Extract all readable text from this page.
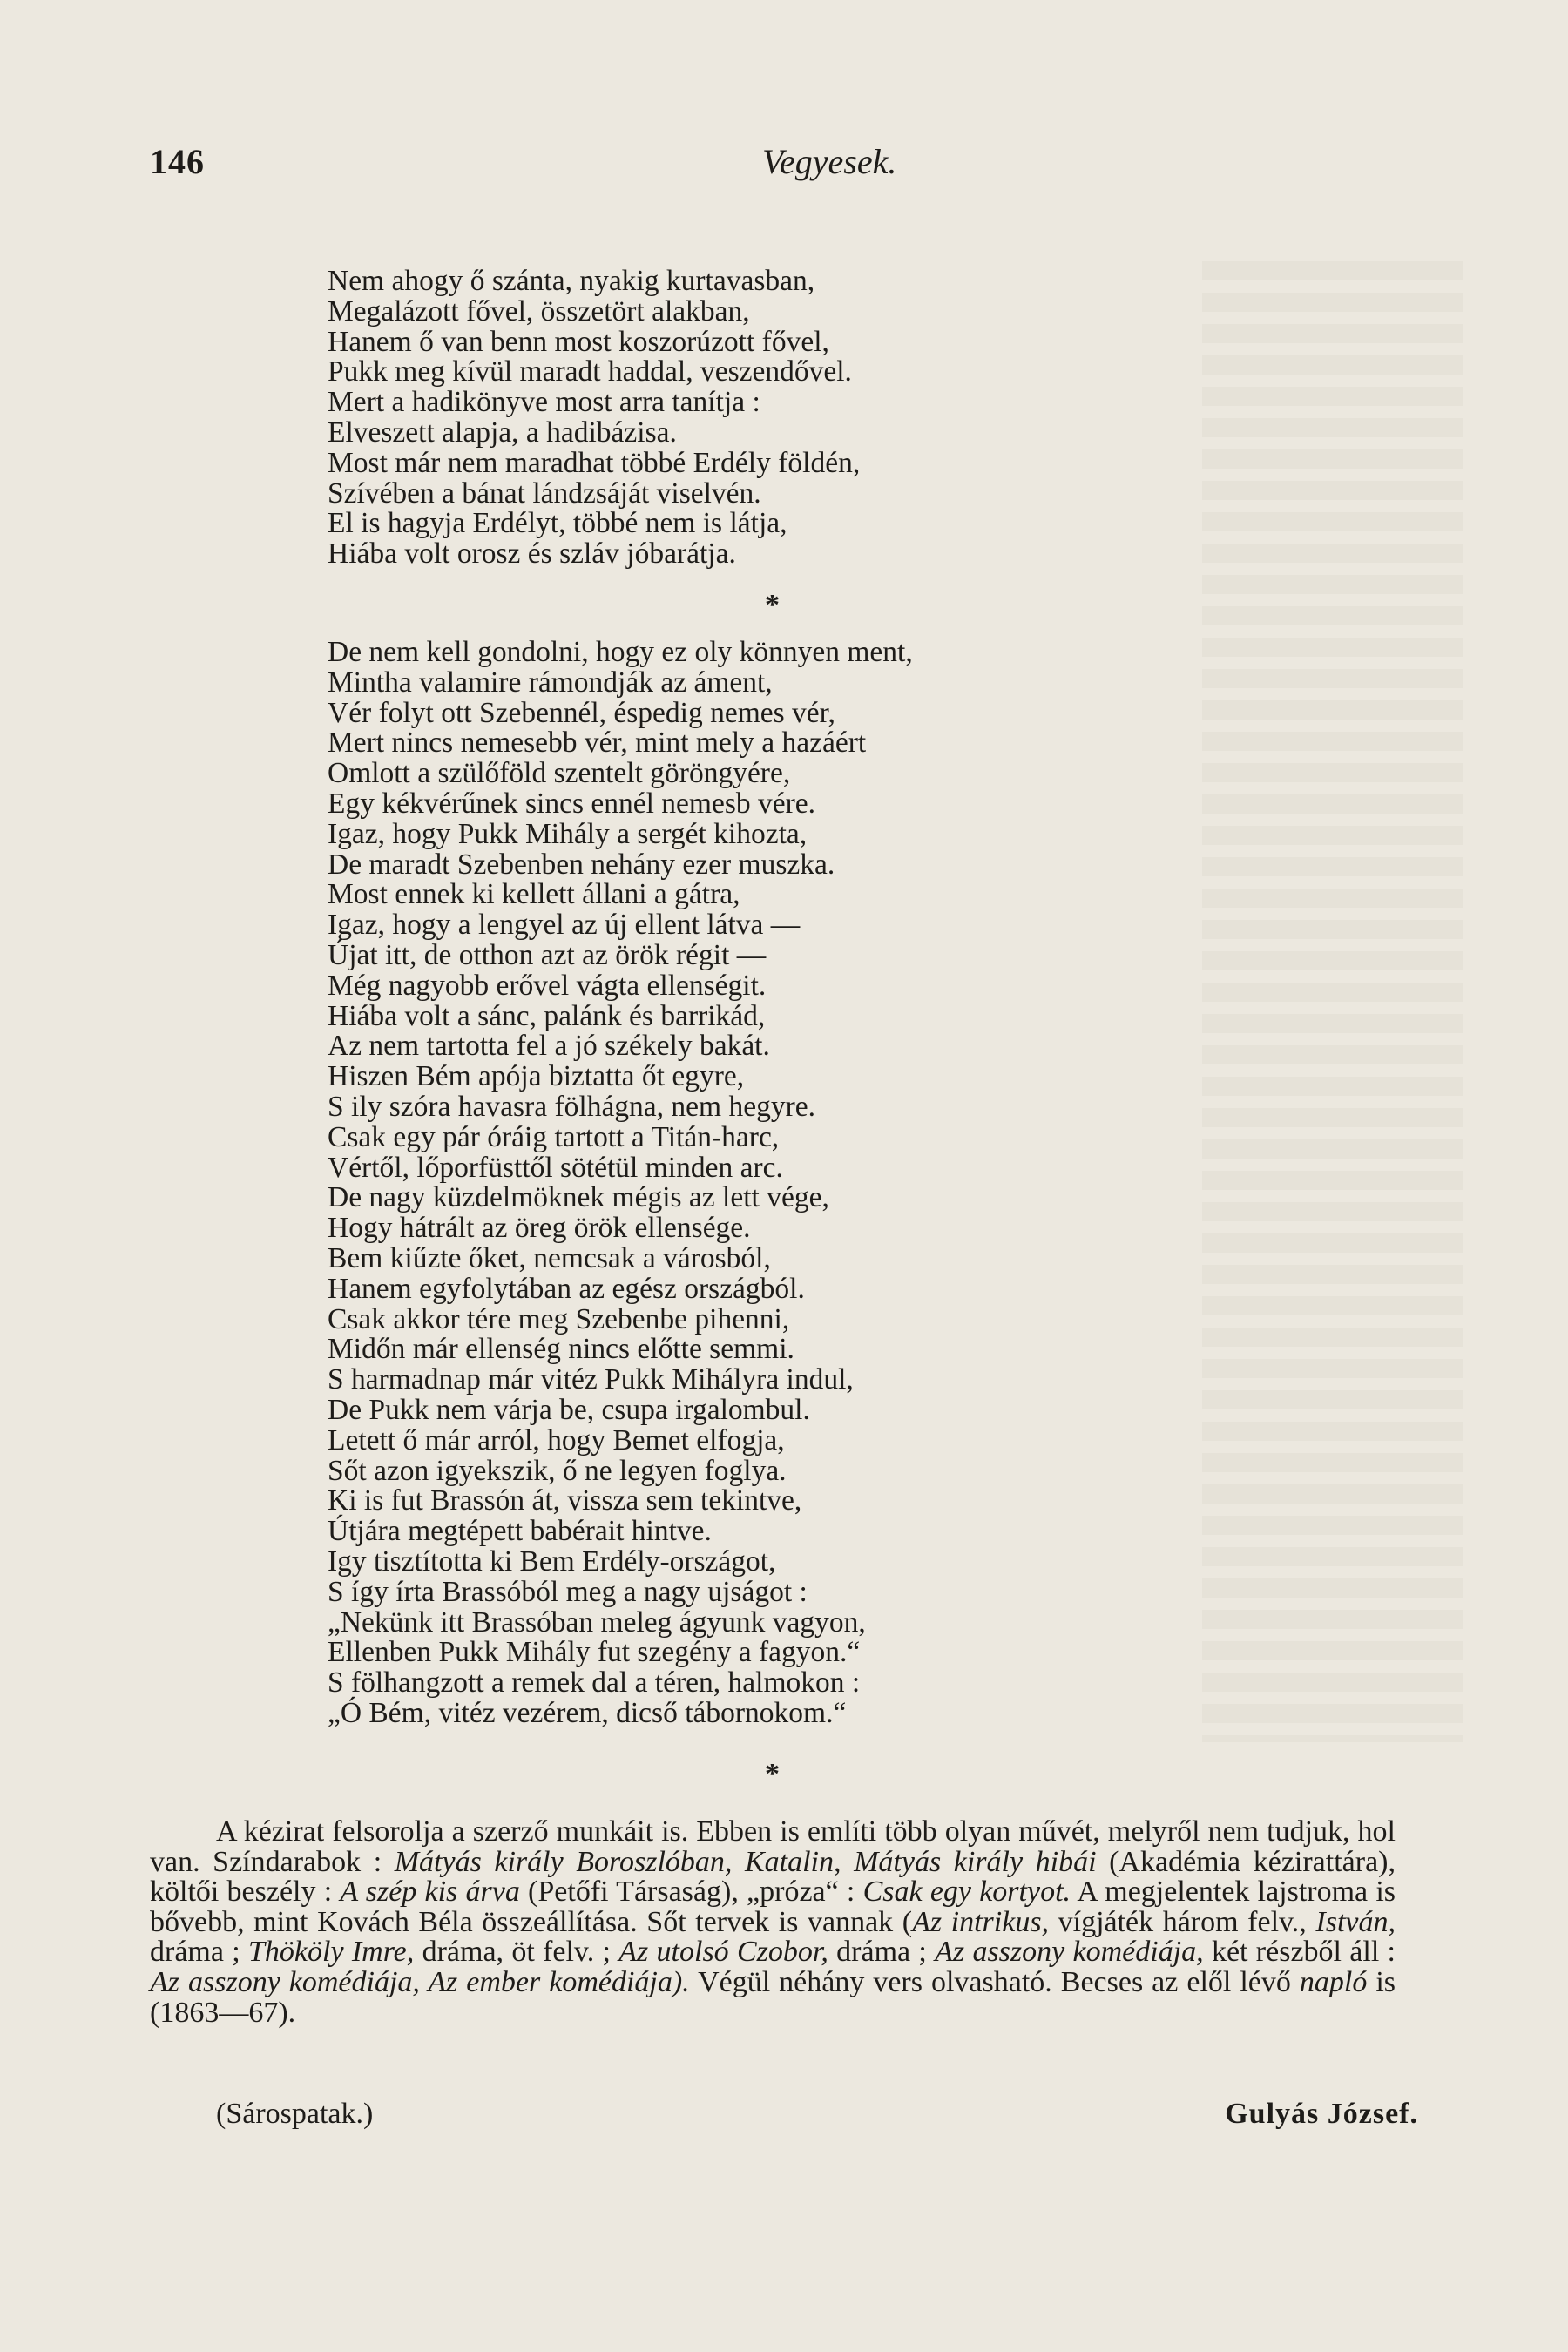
146	Vegyesek.
Nem ahogy ő szánta, nyakig kurtavasban,
Megalázott fővel, összetört alakban,
Hanem ő van benn most koszorúzott fővel,
Pukk meg kívül maradt haddal, veszendővel.
Mert a hadikönyve most arra tanítja :
Elveszett alapja, a hadibázisa.
Most már nem maradhat többé Erdély földén,
Szívében a bánat lándzsáját viselvén.
El is hagyja Erdélyt, többé nem is látja,
Hiába volt orosz és szláv jóbarátja.
*
De nem kell gondolni, hogy ez oly könnyen ment,
Mintha valamire rámondják az áment,
Vér folyt ott Szebennél, éspedig nemes vér,
Mert nincs nemesebb vér, mint mely a hazáért
Omlott a szülőföld szentelt göröngyére,
Egy kékvérűnek sincs ennél nemesb vére.
Igaz, hogy Pukk Mihály a sergét kihozta,
De maradt Szebenben nehány ezer muszka.
Most ennek ki kellett állani a gátra,
Igaz, hogy a lengyel az új ellent látva —
Újat itt, de otthon azt az örök régit —
Még nagyobb erővel vágta ellenségit.
Hiába volt a sánc, palánk és barrikád,
Az nem tartotta fel a jó székely bakát.
Hiszen Bém apója biztatta őt egyre,
S ily szóra havasra fölhágna, nem hegyre.
Csak egy pár óráig tartott a Titán-harc,
Vértől, lőporfüsttől sötétül minden arc.
De nagy küzdelmöknek mégis az lett vége,
Hogy hátrált az öreg örök ellensége.
Bem kiűzte őket, nemcsak a városból,
Hanem egyfolytában az egész országból.
Csak akkor tére meg Szebenbe pihenni,
Midőn már ellenség nincs előtte semmi.
S harmadnap már vitéz Pukk Mihályra indul,
De Pukk nem várja be, csupa irgalombul.
Letett ő már arról, hogy Bemet elfogja,
Sőt azon igyekszik, ő ne legyen foglya.
Ki is fut Brassón át, vissza sem tekintve,
Útjára megtépett babérait hintve.
Igy tisztította ki Bem Erdély-országot,
S így írta Brassóból meg a nagy ujságot :
„Nekünk itt Brassóban meleg ágyunk vagyon,
Ellenben Pukk Mihály fut szegény a fagyon.“
S fölhangzott a remek dal a téren, halmokon :
„Ó Bém, vitéz vezérem, dicső tábornokom.“
*

A kézirat felsorolja a szerző munkáit is. Ebben is említi több olyan művét, melyről nem tudjuk, hol van. Színdarabok : Mátyás király Boroszlóban, Katalin, Mátyás király hibái (Akadémia kézirattára), költői beszély : A szép kis árva (Petőfi Társaság), „próza“ : Csak egy kortyot. A megjelentek lajstroma is bővebb, mint Kovách Béla összeállítása. Sőt tervek is vannak (Az intrikus, vígjáték három felv., István, dráma ; Thököly Imre, dráma, öt felv. ; Az utolsó Czobor, dráma ; Az asszony komédiája, két részből áll : Az asszony komédiája, Az ember komédiája). Végül néhány vers olvasható. Becses az elől lévő napló is (1863—67).

(Sárospatak.)	Gulyás József.
